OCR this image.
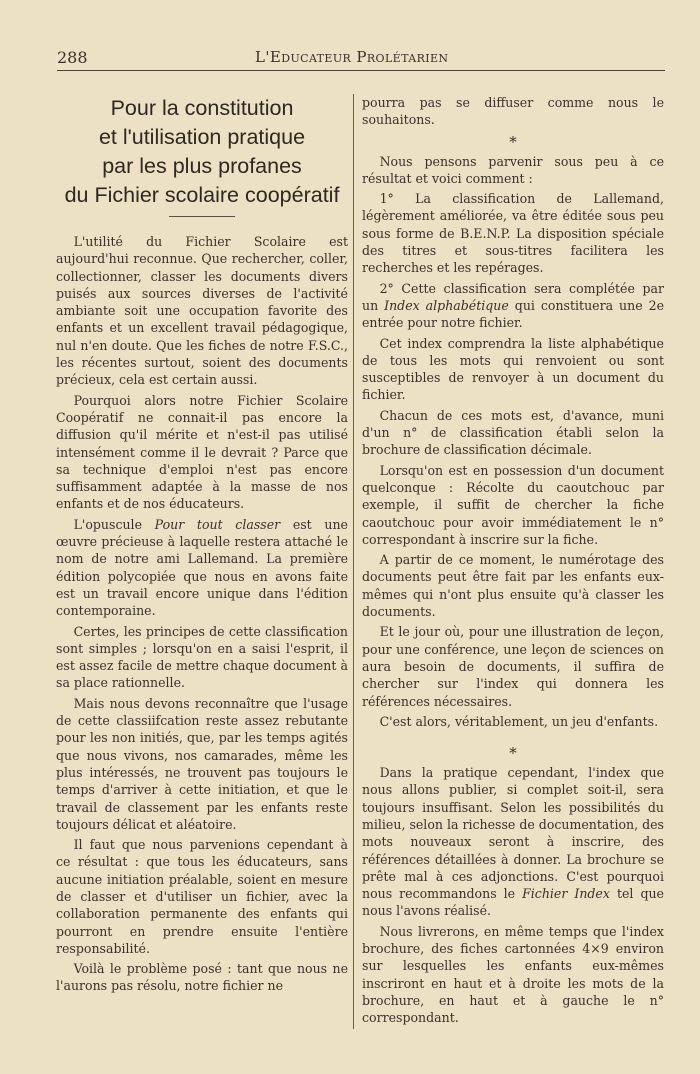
288	L'Educateur Prolétarien
Pour la constitution
et l'utilisation pratique
par les plus profanes
du Fichier scolaire coopératif

L'utilité du Fichier Scolaire est aujourd'hui reconnue. Que rechercher, coller, collectionner, classer les documents divers puisés aux sources diverses de l'activité ambiante soit une occupation favorite des enfants et un excellent travail pédagogique, nul n'en doute. Que les fiches de notre F.S.C., les récentes surtout, soient des documents précieux, cela est certain aussi.

Pourquoi alors notre Fichier Scolaire Coopératif ne connait-il pas encore la diffusion qu'il mérite et n'est-il pas utilisé intensément comme il le devrait ? Parce que sa technique d'emploi n'est pas encore suffisamment adaptée à la masse de nos enfants et de nos éducateurs.

L'opuscule Pour tout classer est une œuvre précieuse à laquelle restera attaché le nom de notre ami Lallemand. La première édition polycopiée que nous en avons faite est un travail encore unique dans l'édition contemporaine.

Certes, les principes de cette classification sont simples ; lorsqu'on en a saisi l'esprit, il est assez facile de mettre chaque document à sa place rationnelle.

Mais nous devons reconnaître que l'usage de cette classiifcation reste assez rebutante pour les non initiés, que, par les temps agités que nous vivons, nos camarades, même les plus intéressés, ne trouvent pas toujours le temps d'arriver à cette initiation, et que le travail de classement par les enfants reste toujours délicat et aléatoire.

Il faut que nous parvenions cependant à ce résultat : que tous les éducateurs, sans aucune initiation préalable, soient en mesure de classer et d'utiliser un fichier, avec la collaboration permanente des enfants qui pourront en prendre ensuite l'entière responsabilité.

Voilà le problème posé : tant que nous ne l'aurons pas résolu, notre fichier ne

pourra pas se diffuser comme nous le souhaitons.

*

Nous pensons parvenir sous peu à ce résultat et voici comment :

1° La classification de Lallemand, légèrement améliorée, va être éditée sous peu sous forme de B.E.N.P. La disposition spéciale des titres et sous-titres facilitera les recherches et les repérages.

2° Cette classification sera complétée par un Index alphabétique qui constituera une 2e entrée pour notre fichier.

Cet index comprendra la liste alphabétique de tous les mots qui renvoient ou sont susceptibles de renvoyer à un document du fichier.

Chacun de ces mots est, d'avance, muni d'un n° de classification établi selon la brochure de classification décimale.

Lorsqu'on est en possession d'un document quelconque : Récolte du caoutchouc par exemple, il suffit de chercher la fiche caoutchouc pour avoir immédiatement le n° correspondant à inscrire sur la fiche.

A partir de ce moment, le numérotage des documents peut être fait par les enfants eux-mêmes qui n'ont plus ensuite qu'à classer les documents.

Et le jour où, pour une illustration de leçon, pour une conférence, une leçon de sciences on aura besoin de documents, il suffira de chercher sur l'index qui donnera les références nécessaires.

C'est alors, véritablement, un jeu d'enfants.

*

Dans la pratique cependant, l'index que nous allons publier, si complet soit-il, sera toujours insuffisant. Selon les possibilités du milieu, selon la richesse de documentation, des mots nouveaux seront à inscrire, des références détaillées à donner. La brochure se prête mal à ces adjonctions. C'est pourquoi nous recommandons le Fichier Index tel que nous l'avons réalisé.

Nous livrerons, en même temps que l'index brochure, des fiches cartonnées 4×9 environ sur lesquelles les enfants eux-mêmes inscriront en haut et à droite les mots de la brochure, en haut et à gauche le n° correspondant.
